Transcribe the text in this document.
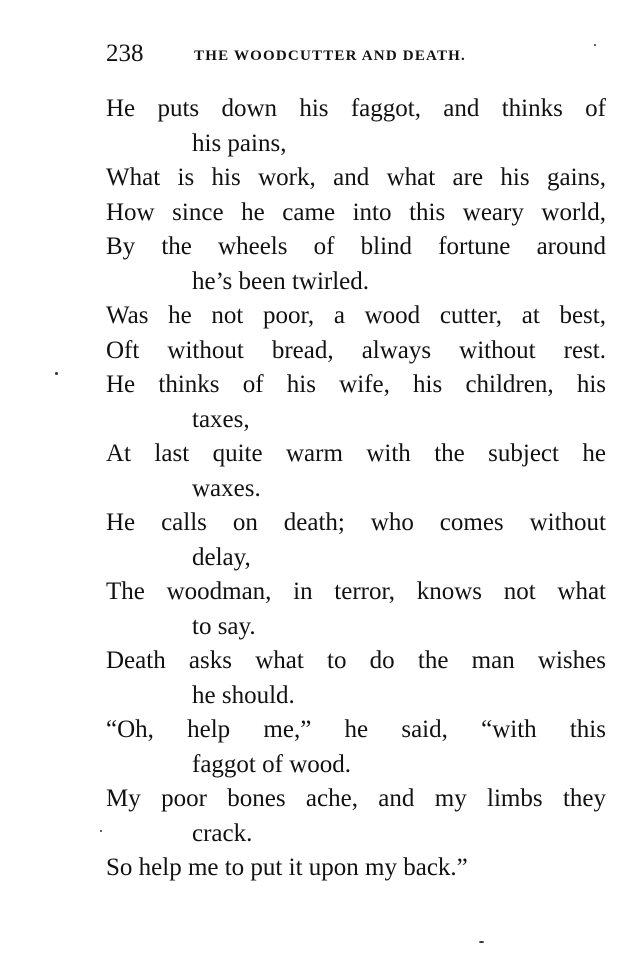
238	THE WOODCUTTER AND DEATH.
He puts down his faggot, and thinks of
his pains,
What is his work, and what are his gains,
How since he came into this weary world,
By the wheels of blind fortune around
he’s been twirled.
Was he not poor, a wood cutter, at best,
Oft without bread, always without rest.
He thinks of his wife, his children, his
taxes,
At last quite warm with the subject he
waxes.
He calls on death; who comes without
delay,
The woodman, in terror, knows not what
to say.
Death asks what to do the man wishes
he should.
“Oh, help me,” he said, “with this
faggot of wood.
My poor bones ache, and my limbs they
crack.
So help me to put it upon my back.”
